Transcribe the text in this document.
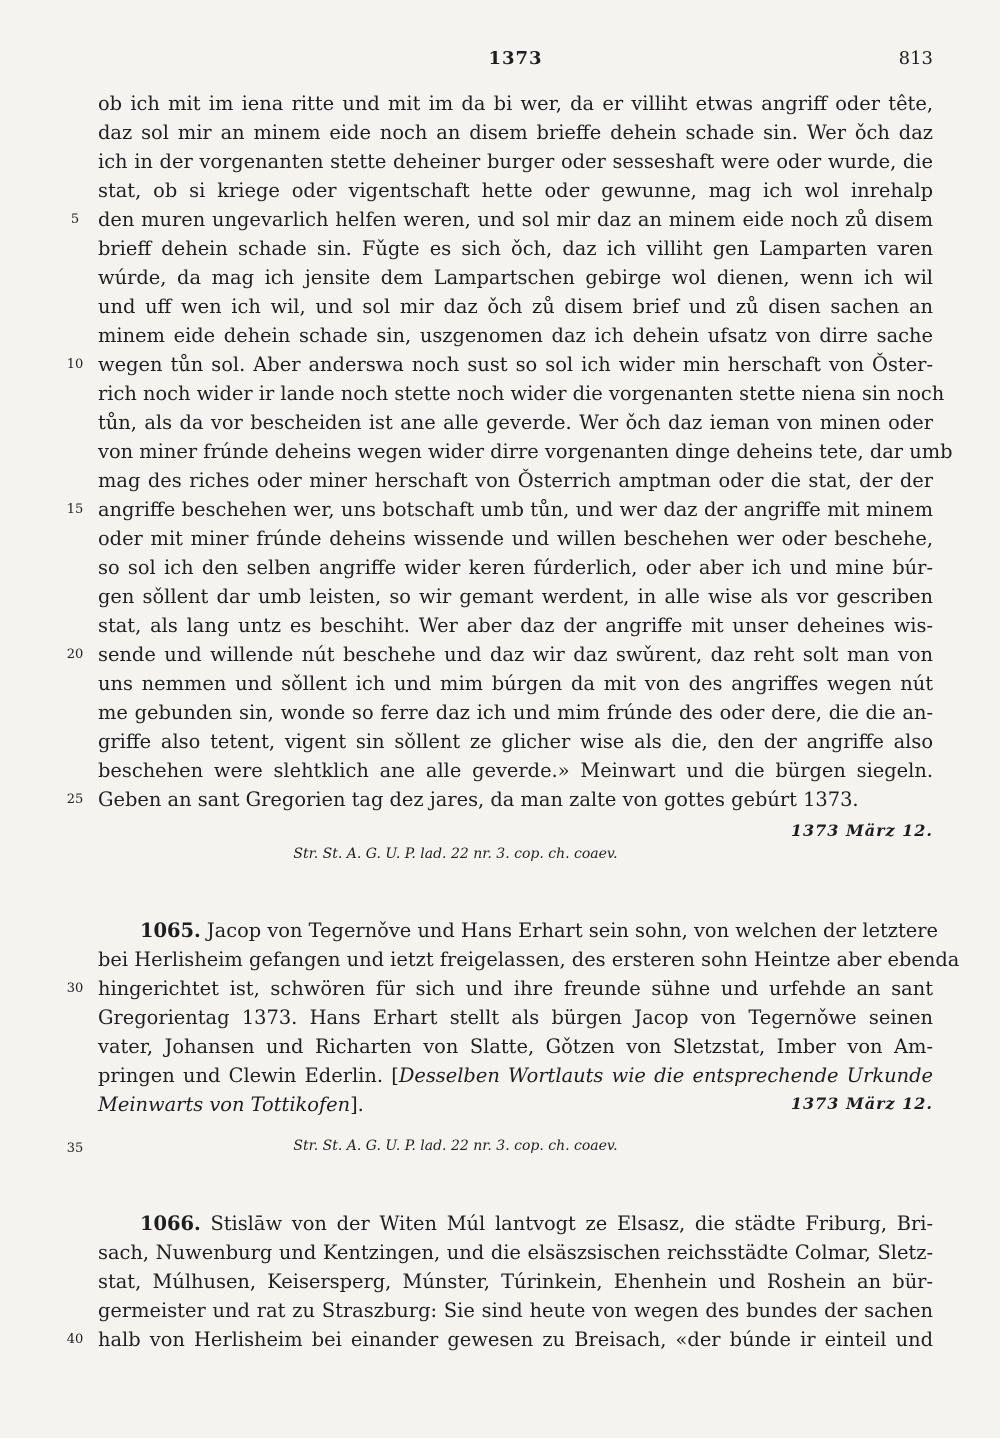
1373	813
ob ich mit im iena ritte und mit im da bi wer, da er villiht etwas angriff oder tête,
daz sol mir an minem eide noch an disem brieffe dehein schade sin. Wer ǒch daz
ich in der vorgenanten stette deheiner burger oder sesseshaft were oder wurde, die
stat, ob si kriege oder vigentschaft hette oder gewunne, mag ich wol inrehalp
5 den muren ungevarlich helfen weren, und sol mir daz an minem eide noch zů disem
brieff dehein schade sin. Fǔgte es sich ǒch, daz ich villiht gen Lamparten varen
wúrde, da mag ich jensite dem Lampartschen gebirge wol dienen, wenn ich wil
und uff wen ich wil, und sol mir daz ǒch zů disem brief und zů disen sachen an
minem eide dehein schade sin, uszgenomen daz ich dehein ufsatz von dirre sache
10 wegen tůn sol. Aber anderswa noch sust so sol ich wider min herschaft von Ǒster-
rich noch wider ir lande noch stette noch wider die vorgenanten stette niena sin noch
tůn, als da vor bescheiden ist ane alle geverde. Wer ǒch daz ieman von minen oder
von miner frúnde deheins wegen wider dirre vorgenanten dinge deheins tete, dar umb
mag des riches oder miner herschaft von Ǒsterrich amptman oder die stat, der der
15 angriffe beschehen wer, uns botschaft umb tůn, und wer daz der angriffe mit minem
oder mit miner frúnde deheins wissende und willen beschehen wer oder beschehe,
so sol ich den selben angriffe wider keren fúrderlich, oder aber ich und mine búr-
gen sǒllent dar umb leisten, so wir gemant werdent, in alle wise als vor gescriben
stat, als lang untz es beschiht. Wer aber daz der angriffe mit unser deheines wis-
20 sende und willende nút beschehe und daz wir daz swǔrent, daz reht solt man von
uns nemmen und sǒllent ich und mim búrgen da mit von des angriffes wegen nút
me gebunden sin, wonde so ferre daz ich und mim frúnde des oder dere, die die an-
griffe also tetent, vigent sin sǒllent ze glicher wise als die, den der angriffe also
beschehen were slehtklich ane alle geverde.» Meinwart und die bürgen siegeln.
25 Geben an sant Gregorien tag dez jares, da man zalte von gottes gebúrt 1373.
1373 März 12.
Str. St. A. G. U. P. lad. 22 nr. 3. cop. ch. coaev.
1065. Jacop von Tegernǒve und Hans Erhart sein sohn, von welchen der letztere
bei Herlisheim gefangen und ietzt freigelassen, des ersteren sohn Heintze aber ebenda
30 hingerichtet ist, schwören für sich und ihre freunde sühne und urfehde an sant
Gregorientag 1373. Hans Erhart stellt als bürgen Jacop von Tegernǒwe seinen
vater, Johansen und Richarten von Slatte, Gǒtzen von Sletzstat, Imber von Am-
pringen und Clewin Ederlin. [Desselben Wortlauts wie die entsprechende Urkunde
Meinwarts von Tottikofen].	1373 März 12.
35	Str. St. A. G. U. P. lad. 22 nr. 3. cop. ch. coaev.
1066. Stislāw von der Witen Múl lantvogt ze Elsasz, die städte Friburg, Bri-
sach, Nuwenburg und Kentzingen, und die elsäszsischen reichsstädte Colmar, Sletz-
stat, Múlhusen, Keisersperg, Múnster, Túrinkein, Ehenhein und Roshein an bür-
germeister und rat zu Straszburg: Sie sind heute von wegen des bundes der sachen
40 halb von Herlisheim bei einander gewesen zu Breisach, «der búnde ir einteil und
